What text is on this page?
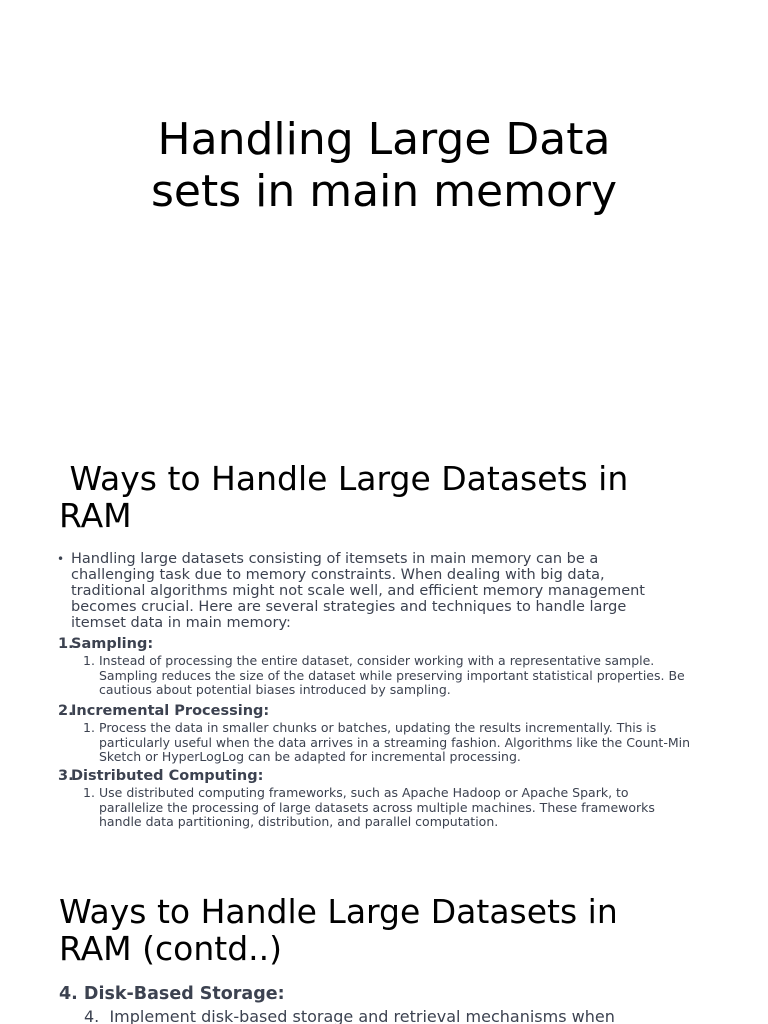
Handling Large Data
sets in main memory
Ways to Handle Large Datasets in
RAM
• Handling large datasets consisting of itemsets in main memory can be a
challenging task due to memory constraints. When dealing with big data,
traditional algorithms might not scale well, and efficient memory management
becomes crucial. Here are several strategies and techniques to handle large
itemset data in main memory:
1.Sampling:
1. Instead of processing the entire dataset, consider working with a representative sample.
Sampling reduces the size of the dataset while preserving important statistical properties. Be
cautious about potential biases introduced by sampling.
2.Incremental Processing:
1. Process the data in smaller chunks or batches, updating the results incrementally. This is
particularly useful when the data arrives in a streaming fashion. Algorithms like the Count-Min
Sketch or HyperLogLog can be adapted for incremental processing.
3.Distributed Computing:
1. Use distributed computing frameworks, such as Apache Hadoop or Apache Spark, to
parallelize the processing of large datasets across multiple machines. These frameworks
handle data partitioning, distribution, and parallel computation.
Ways to Handle Large Datasets in
RAM (contd..)
4. Disk-Based Storage:
4.  Implement disk-based storage and retrieval mechanisms when
